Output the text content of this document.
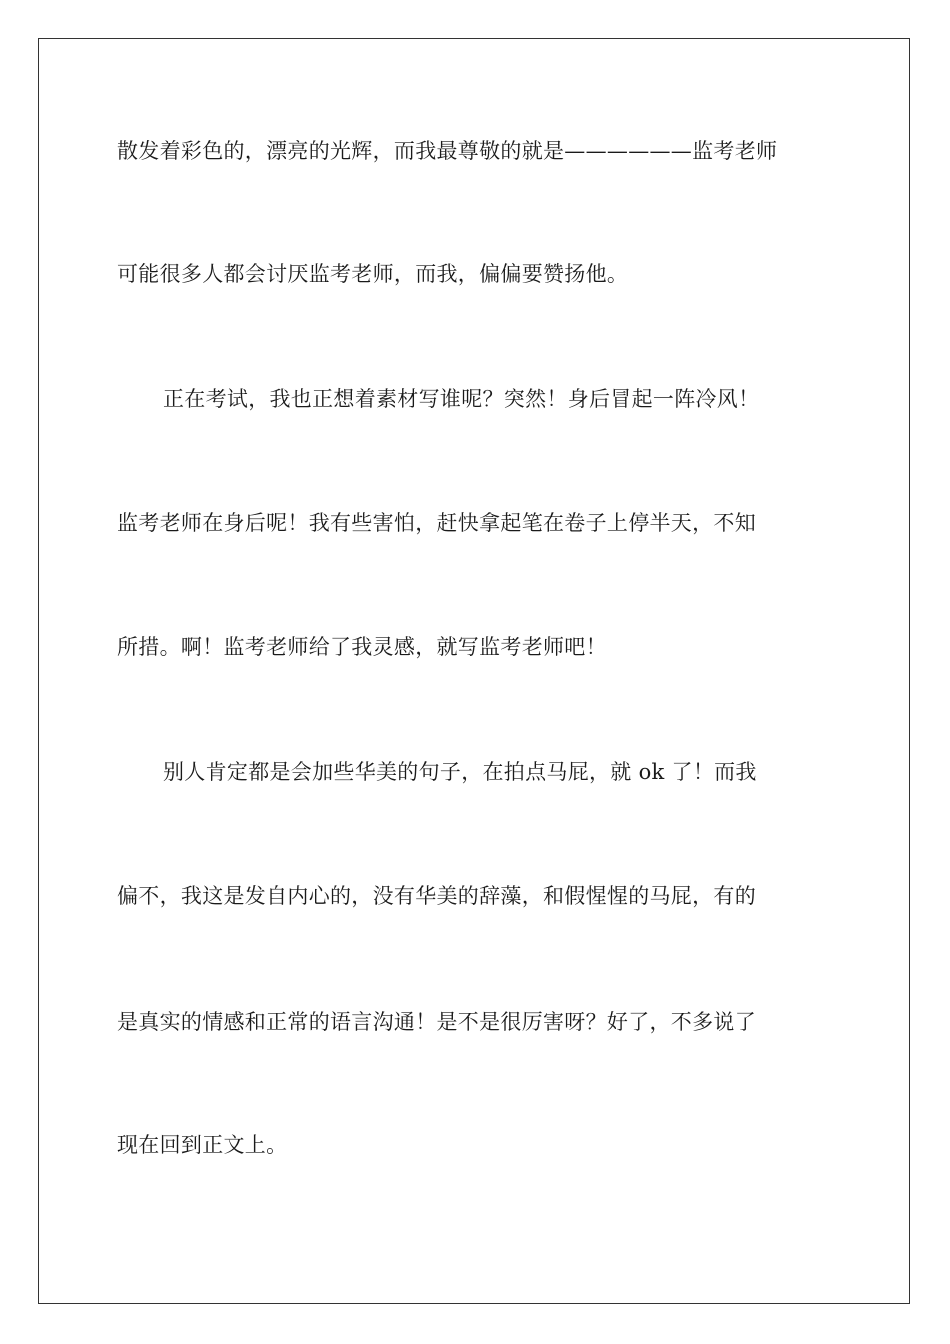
散发着彩色的，漂亮的光辉，而我最尊敬的就是——————监考老师
可能很多人都会讨厌监考老师，而我，偏偏要赞扬他。
正在考试，我也正想着素材写谁呢？突然！身后冒起一阵冷风！
监考老师在身后呢！我有些害怕，赶快拿起笔在卷子上停半天，不知
所措。啊！监考老师给了我灵感，就写监考老师吧！
别人肯定都是会加些华美的句子，在拍点马屁，就 ok 了！而我
偏不，我这是发自内心的，没有华美的辞藻，和假惺惺的马屁，有的
是真实的情感和正常的语言沟通！是不是很厉害呀？好了，不多说了
现在回到正文上。
